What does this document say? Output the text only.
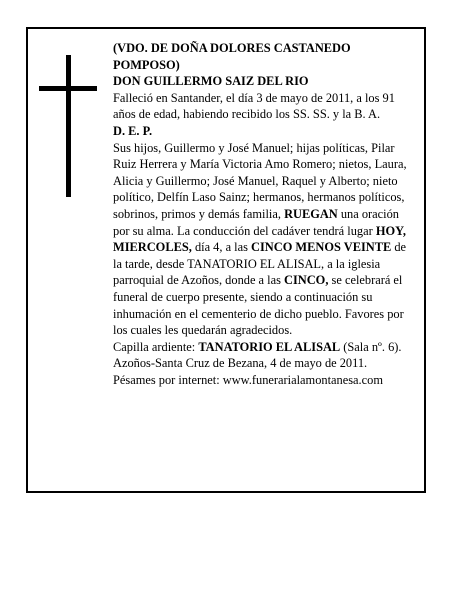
(VDO. DE DOÑA DOLORES CASTANEDO POMPOSO)

DON GUILLERMO SAIZ DEL RIO

Falleció en Santander, el día 3 de mayo de 2011, a los 91 años de edad, habiendo recibido los SS. SS. y la B. A.

D. E. P.

Sus hijos, Guillermo y José Manuel; hijas políticas, Pilar Ruiz Herrera y María Victoria Amo Romero; nietos, Laura, Alicia y Guillermo; José Manuel, Raquel y Alberto; nieto político, Delfín Laso Sainz; hermanos, hermanos políticos, sobrinos, primos y demás familia, RUEGAN una oración por su alma. La conducción del cadáver tendrá lugar HOY, MIERCOLES, día 4, a las CINCO MENOS VEINTE de la tarde, desde TANATORIO EL ALISAL, a la iglesia parroquial de Azoños, donde a las CINCO, se celebrará el funeral de cuerpo presente, siendo a continuación su inhumación en el cementerio de dicho pueblo. Favores por los cuales les quedarán agradecidos.

Capilla ardiente: TANATORIO EL ALISAL (Sala nº. 6).

Azoños-Santa Cruz de Bezana, 4 de mayo de 2011.

Pésames por internet: www.funerarialamontanesa.com
